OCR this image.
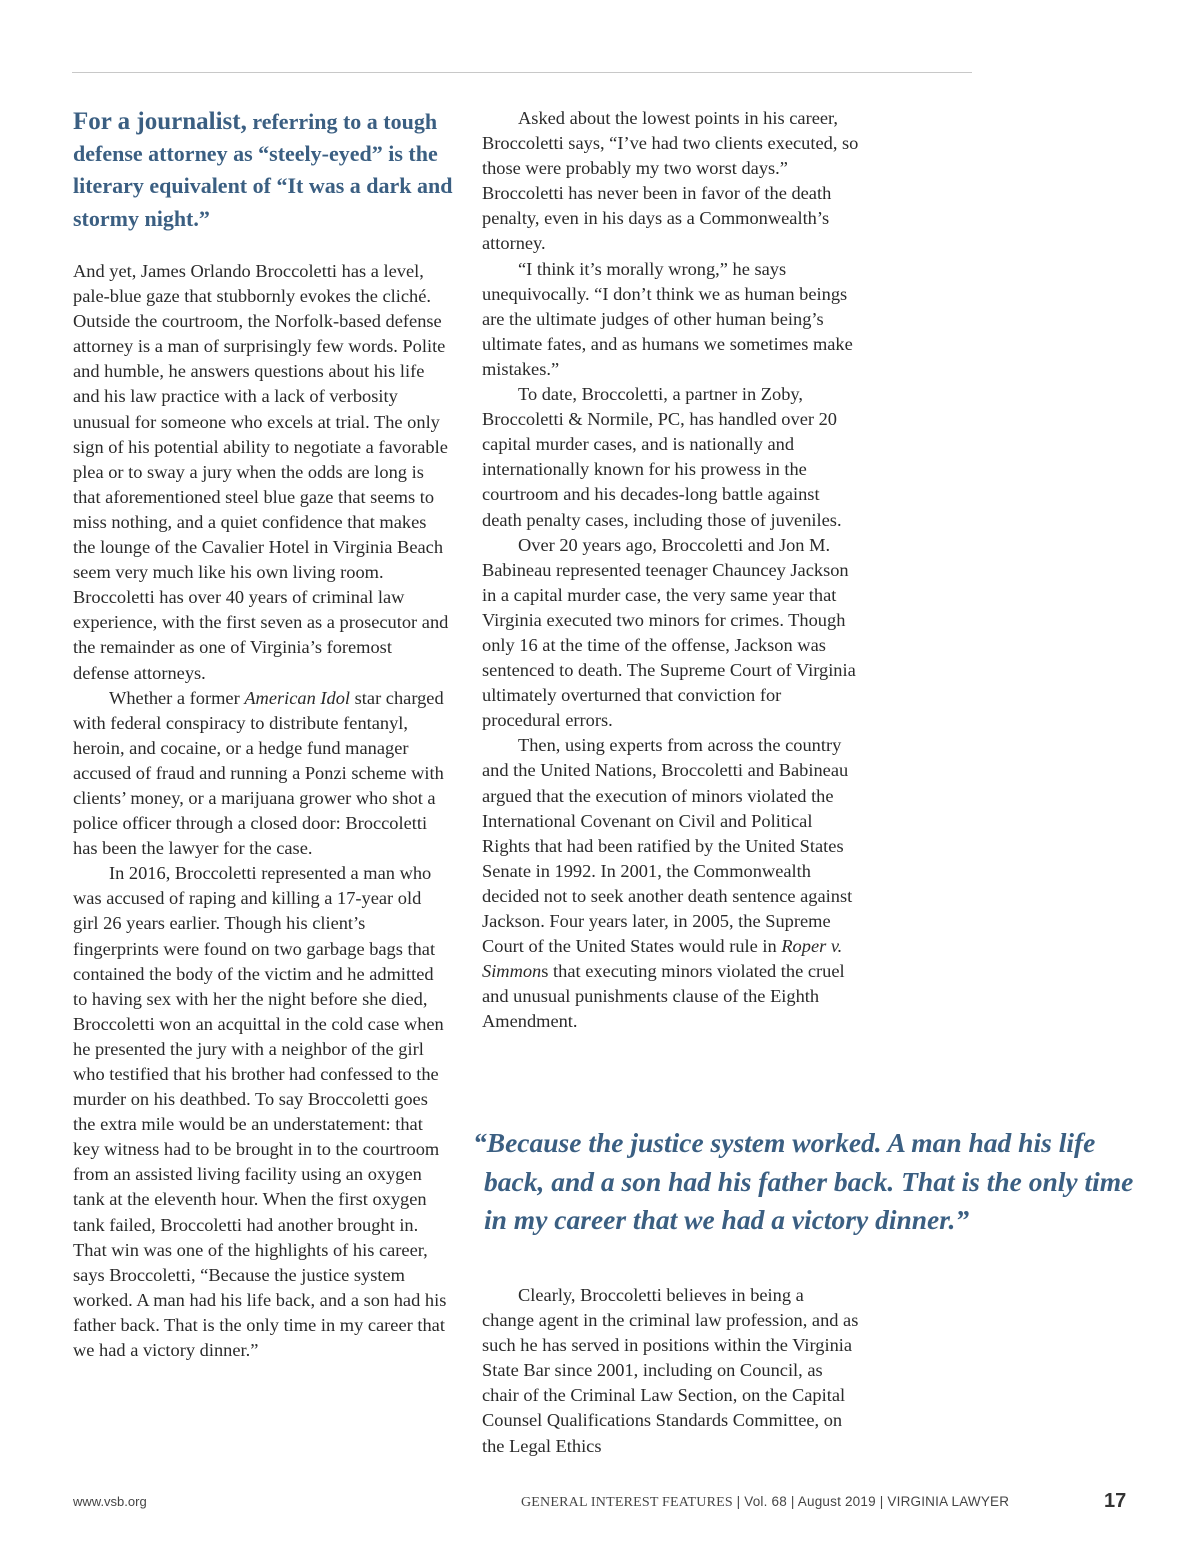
For a journalist, referring to a tough defense attorney as “steely-eyed” is the literary equivalent of “It was a dark and stormy night.”

And yet, James Orlando Broccoletti has a level, pale-blue gaze that stubbornly evokes the cliché. Outside the courtroom, the Norfolk-based defense attorney is a man of surprisingly few words. Polite and humble, he answers questions about his life and his law practice with a lack of verbosity unusual for someone who excels at trial. The only sign of his potential ability to negotiate a favorable plea or to sway a jury when the odds are long is that aforementioned steel blue gaze that seems to miss nothing, and a quiet confidence that makes the lounge of the Cavalier Hotel in Virginia Beach seem very much like his own living room. Broccoletti has over 40 years of criminal law experience, with the first seven as a prosecutor and the remainder as one of Virginia’s foremost defense attorneys.

Whether a former American Idol star charged with federal conspiracy to distribute fentanyl, heroin, and cocaine, or a hedge fund manager accused of fraud and running a Ponzi scheme with clients’ money, or a marijuana grower who shot a police officer through a closed door: Broccoletti has been the lawyer for the case.

In 2016, Broccoletti represented a man who was accused of raping and killing a 17-year old girl 26 years earlier. Though his client’s fingerprints were found on two garbage bags that contained the body of the victim and he admitted to having sex with her the night before she died, Broccoletti won an acquittal in the cold case when he presented the jury with a neighbor of the girl who testified that his brother had confessed to the murder on his deathbed. To say Broccoletti goes the extra mile would be an understatement: that key witness had to be brought in to the courtroom from an assisted living facility using an oxygen tank at the eleventh hour. When the first oxygen tank failed, Broccoletti had another brought in. That win was one of the highlights of his career, says Broccoletti, “Because the justice system worked. A man had his life back, and a son had his father back. That is the only time in my career that we had a victory dinner.”

Asked about the lowest points in his career, Broccoletti says, “I’ve had two clients executed, so those were probably my two worst days.” Broccoletti has never been in favor of the death penalty, even in his days as a Commonwealth’s attorney.

“I think it’s morally wrong,” he says unequivocally. “I don’t think we as human beings are the ultimate judges of other human being’s ultimate fates, and as humans we sometimes make mistakes.”

To date, Broccoletti, a partner in Zoby, Broccoletti & Normile, PC, has handled over 20 capital murder cases, and is nationally and internationally known for his prowess in the courtroom and his decades-long battle against death penalty cases, including those of juveniles.

Over 20 years ago, Broccoletti and Jon M. Babineau represented teenager Chauncey Jackson in a capital murder case, the very same year that Virginia executed two minors for crimes. Though only 16 at the time of the offense, Jackson was sentenced to death. The Supreme Court of Virginia ultimately overturned that conviction for procedural errors.

Then, using experts from across the country and the United Nations, Broccoletti and Babineau argued that the execution of minors violated the International Covenant on Civil and Political Rights that had been ratified by the United States Senate in 1992. In 2001, the Commonwealth decided not to seek another death sentence against Jackson. Four years later, in 2005, the Supreme Court of the United States would rule in Roper v. Simmons that executing minors violated the cruel and unusual punishments clause of the Eighth Amendment.

“Because the justice system worked. A man had his life
back, and a son had his father back. That is the only time
in my career that we had a victory dinner.”

Clearly, Broccoletti believes in being a change agent in the criminal law profession, and as such he has served in positions within the Virginia State Bar since 2001, including on Council, as chair of the Criminal Law Section, on the Capital Counsel Qualifications Standards Committee, on the Legal Ethics

www.vsb.org	GENERAL INTEREST FEATURES | Vol. 68 | August 2019 | VIRGINIA LAWYER	17
